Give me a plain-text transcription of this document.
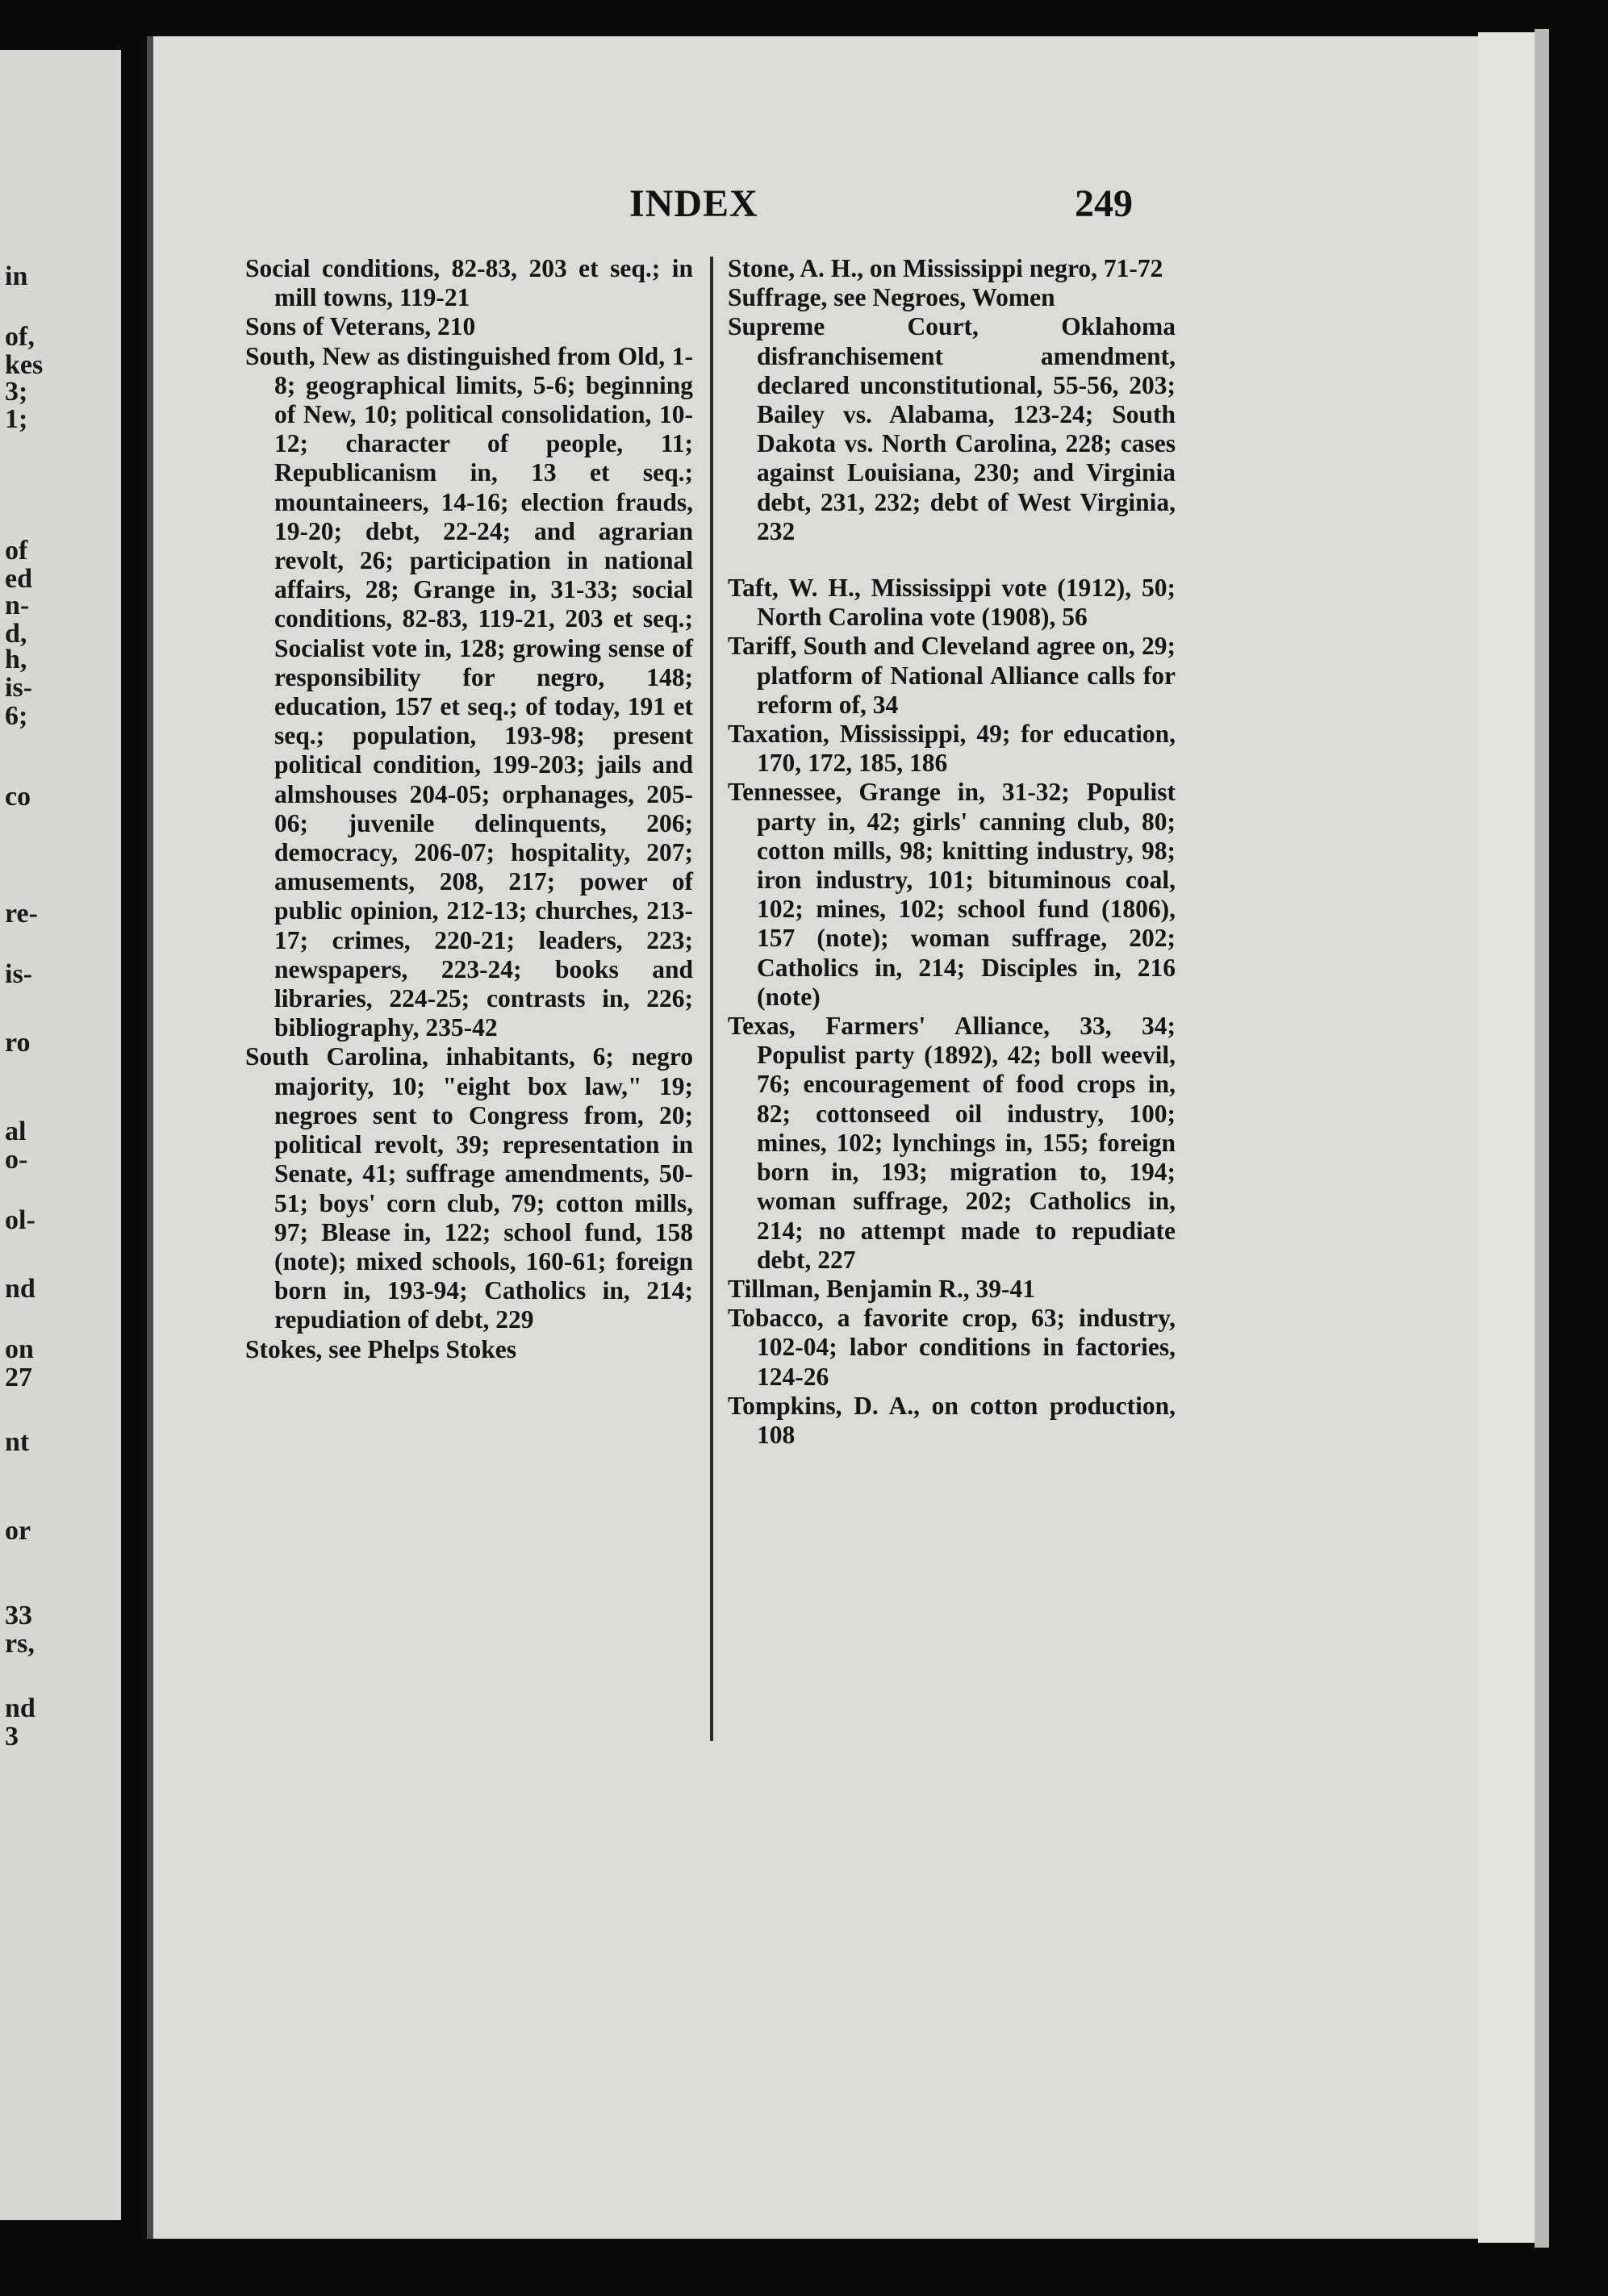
in
of,
kes
3;
1;
of
ed
n-
d,
h,
is-
6;
co
re-
is-
ro
al
o-
ol-
nd
on
27
nt
or
33
rs,
nd
3
INDEX	249

Social conditions, 82-83, 203 et seq.; in mill towns, 119-21

Sons of Veterans, 210

South, New as distinguished from Old, 1-8; geographical limits, 5-6; beginning of New, 10; political consolidation, 10-12; character of people, 11; Republicanism in, 13 et seq.; mountaineers, 14-16; election frauds, 19-20; debt, 22-24; and agrarian revolt, 26; participation in national affairs, 28; Grange in, 31-33; social conditions, 82-83, 119-21, 203 et seq.; Socialist vote in, 128; growing sense of responsibility for negro, 148; education, 157 et seq.; of today, 191 et seq.; population, 193-98; present political condition, 199-203; jails and almshouses 204-05; orphanages, 205-06; juvenile delinquents, 206; democracy, 206-07; hospitality, 207; amusements, 208, 217; power of public opinion, 212-13; churches, 213-17; crimes, 220-21; leaders, 223; newspapers, 223-24; books and libraries, 224-25; contrasts in, 226; bibliography, 235-42

South Carolina, inhabitants, 6; negro majority, 10; "eight box law," 19; negroes sent to Congress from, 20; political revolt, 39; representation in Senate, 41; suffrage amendments, 50-51; boys' corn club, 79; cotton mills, 97; Blease in, 122; school fund, 158 (note); mixed schools, 160-61; foreign born in, 193-94; Catholics in, 214; repudiation of debt, 229

Stokes, see Phelps Stokes

Stone, A. H., on Mississippi negro, 71-72

Suffrage, see Negroes, Women

Supreme Court, Oklahoma disfranchisement amendment, declared unconstitutional, 55-56, 203; Bailey vs. Alabama, 123-24; South Dakota vs. North Carolina, 228; cases against Louisiana, 230; and Virginia debt, 231, 232; debt of West Virginia, 232

Taft, W. H., Mississippi vote (1912), 50; North Carolina vote (1908), 56

Tariff, South and Cleveland agree on, 29; platform of National Alliance calls for reform of, 34

Taxation, Mississippi, 49; for education, 170, 172, 185, 186

Tennessee, Grange in, 31-32; Populist party in, 42; girls' canning club, 80; cotton mills, 98; knitting industry, 98; iron industry, 101; bituminous coal, 102; mines, 102; school fund (1806), 157 (note); woman suffrage, 202; Catholics in, 214; Disciples in, 216 (note)

Texas, Farmers' Alliance, 33, 34; Populist party (1892), 42; boll weevil, 76; encouragement of food crops in, 82; cottonseed oil industry, 100; mines, 102; lynchings in, 155; foreign born in, 193; migration to, 194; woman suffrage, 202; Catholics in, 214; no attempt made to repudiate debt, 227

Tillman, Benjamin R., 39-41

Tobacco, a favorite crop, 63; industry, 102-04; labor conditions in factories, 124-26

Tompkins, D. A., on cotton production, 108
